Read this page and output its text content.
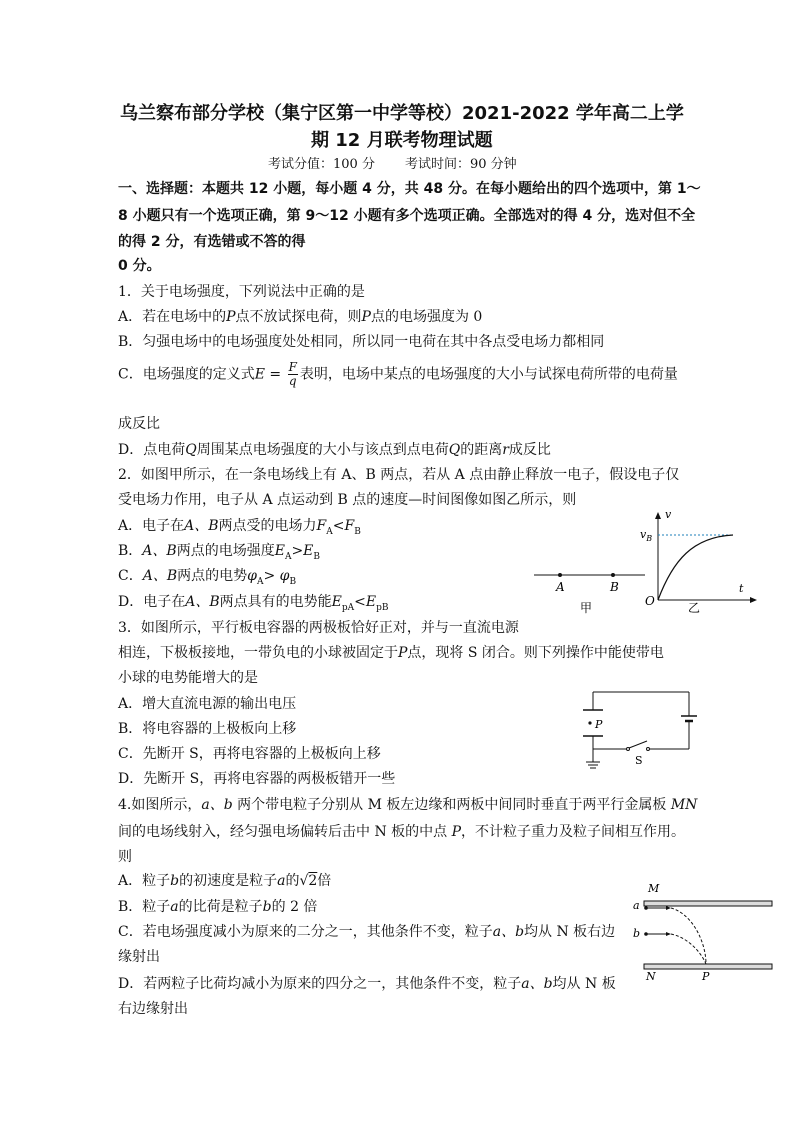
乌兰察布部分学校（集宁区第一中学等校）2021-2022 学年高二上学
期 12 月联考物理试题
考试分值：100 分 考试时间：90 分钟
一、选择题：本题共 12 小题，每小题 4 分，共 48 分。在每小题给出的四个选项中，第 1～
8 小题只有一个选项正确，第 9～12 小题有多个选项正确。全部选对的得 4 分，选对但不全
的得 2 分，有选错或不答的得
0 分。
1．关于电场强度，下列说法中正确的是
A．若在电场中的P点不放试探电荷，则P点的电场强度为 0
B．匀强电场中的电场强度处处相同，所以同一电荷在其中各点受电场力都相同
C．电场强度的定义式$E = \frac{F}{q}$ 表明，电场中某点的电场强度的大小与试探电荷所带的电荷量
成反比
D．点电荷Q周围某点电场强度的大小与该点到点电荷Q的距离r成反比
2．如图甲所示，在一条电场线上有 A、B 两点，若从 A 点由静止释放一电子，假设电子仅
受电场力作用，电子从 A 点运动到 B 点的速度—时间图像如图乙所示，则
A．电子在A、B两点受的电场力$F_A<F_B$
B．A、B两点的电场强度$E_A>E_B$
C．A、B两点的电势$\varphi_A> \varphi_B$
D．电子在A、B两点具有的电势能$E_{pA}<E_{pB}$
A	B
甲
v
$v_B$
O
t
乙
3．如图所示，平行板电容器的两极板恰好正对，并与一直流电源
相连，下极板接地，一带负电的小球被固定于P点，现将 S 闭合。则下列操作中能使带电
小球的电势能增大的是
A．增大直流电源的输出电压
B．将电容器的上极板向上移
C．先断开 S，再将电容器的上极板向上移
D．先断开 S，再将电容器的两极板错开一些
P
S
4.如图所示，a、b 两个带电粒子分别从 M 板左边缘和两板中间同时垂直于两平行金属板 MN
间的电场线射入，经匀强电场偏转后击中 N 板的中点 P，不计粒子重力及粒子间相互作用。
则
A．粒子b的初速度是粒子a的√2倍
B．粒子a的比荷是粒子b的 2 倍
C．若电场强度减小为原来的二分之一，其他条件不变，粒子a、b均从 N 板右边
缘射出
D．若两粒子比荷均减小为原来的四分之一，其他条件不变，粒子a、b均从 N 板
右边缘射出
M
a
b
N	P
